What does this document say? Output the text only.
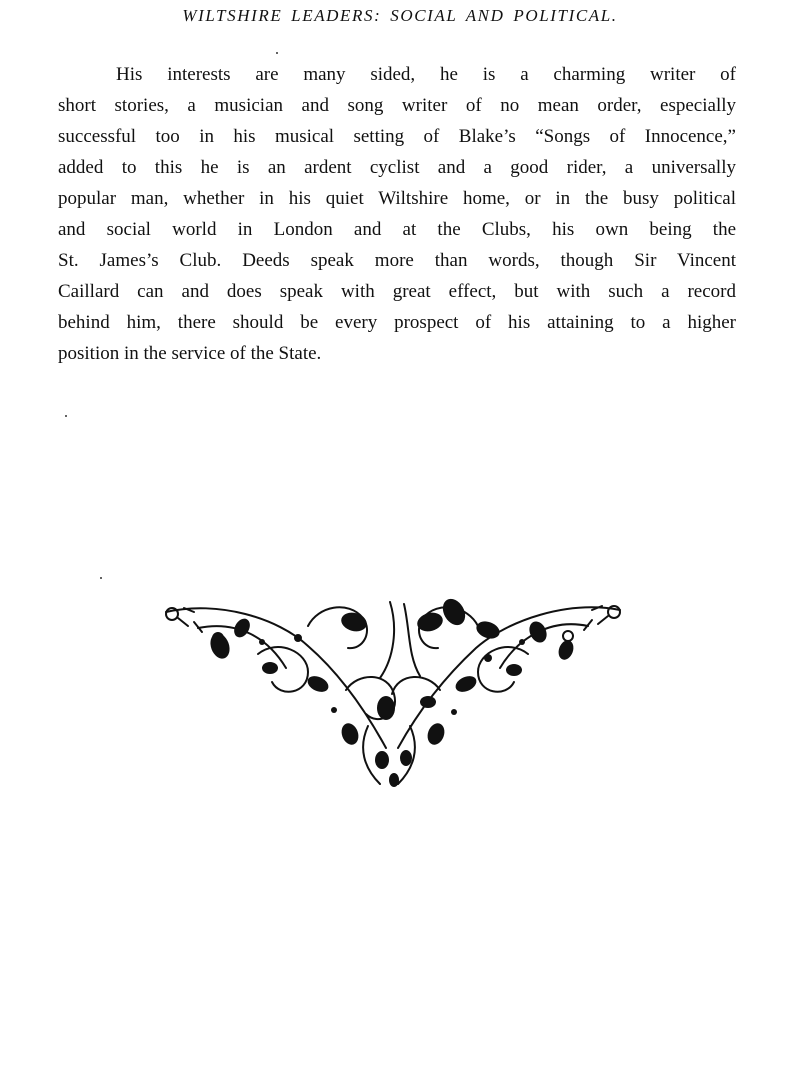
WILTSHIRE LEADERS: SOCIAL AND POLITICAL.
His interests are many sided, he is a charming writer of
short stories, a musician and song writer of no mean order, especially
successful too in his musical setting of Blake’s “Songs of Innocence,”
added to this he is an ardent cyclist and a good rider, a universally
popular man, whether in his quiet Wiltshire home, or in the busy political
and social world in London and at the Clubs, his own being the
St. James’s Club. Deeds speak more than words, though Sir Vincent
Caillard can and does speak with great effect, but with such a record
behind him, there should be every prospect of his attaining to a higher
position in the service of the State.
